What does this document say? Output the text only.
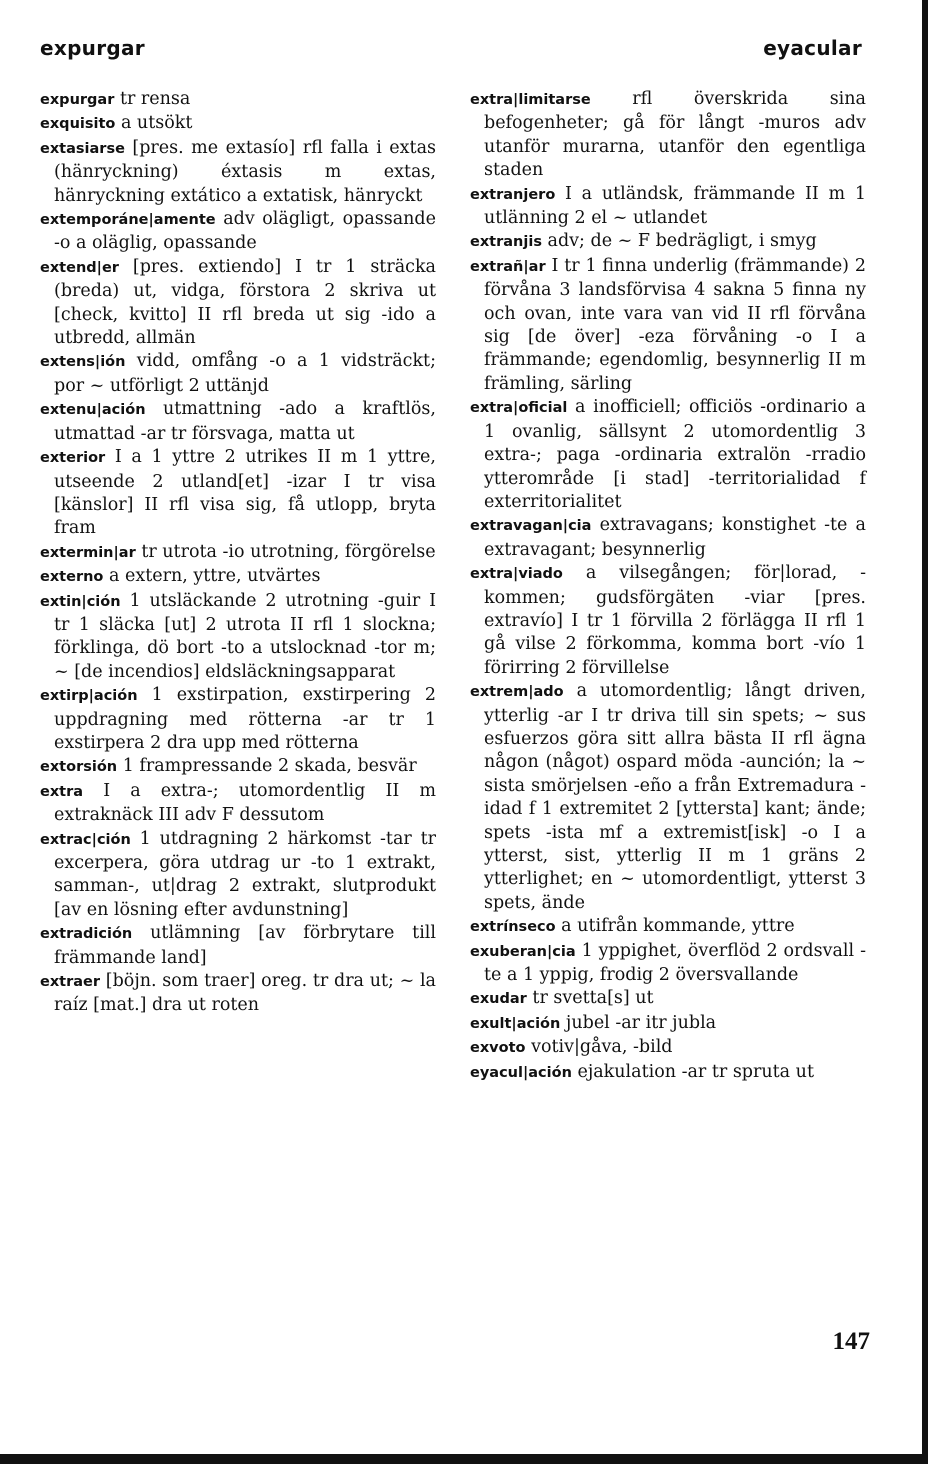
expurgar	eyacular

expurgar tr rensa

exquisito a utsökt

extasiarse [pres. me extasío] rfl falla i extas (hänryckning) éxtasis m extas, hänryckning extático a extatisk, hänryckt

extemporáne|amente adv olägligt, opassande -o a oläglig, opassande

extend|er [pres. extiendo] I tr 1 sträcka (breda) ut, vidga, förstora 2 skriva ut [check, kvitto] II rfl breda ut sig -ido a utbredd, allmän

extens|ión vidd, omfång -o a 1 vidsträckt; por ~ utförligt 2 uttänjd

extenu|ación utmattning -ado a kraftlös, utmattad -ar tr försvaga, matta ut

exterior I a 1 yttre 2 utrikes II m 1 yttre, utseende 2 utland[et] -izar I tr visa [känslor] II rfl visa sig, få utlopp, bryta fram

extermin|ar tr utrota -io utrotning, förgörelse

externo a extern, yttre, utvärtes

extin|ción 1 utsläckande 2 utrotning -guir I tr 1 släcka [ut] 2 utrota II rfl 1 slockna; förklinga, dö bort -to a utslocknad -tor m; ~ [de incendios] eldsläckningsapparat

extirp|ación 1 exstirpation, exstirpering 2 uppdragning med rötterna -ar tr 1 exstirpera 2 dra upp med rötterna

extorsión 1 frampressande 2 skada, besvär

extra I a extra-; utomordentlig II m extraknäck III adv F dessutom

extrac|ción 1 utdragning 2 härkomst -tar tr excerpera, göra utdrag ur -to 1 extrakt, samman-, ut|drag 2 extrakt, slutprodukt [av en lösning efter avdunstning]

extradición utlämning [av förbrytare till främmande land]

extraer [böjn. som traer] oreg. tr dra ut; ~ la raíz [mat.] dra ut roten

extra|limitarse rfl överskrida sina befogenheter; gå för långt -muros adv utanför murarna, utanför den egentliga staden

extranjero I a utländsk, främmande II m 1 utlänning 2 el ~ utlandet

extranjis adv; de ~ F bedrägligt, i smyg

extrañ|ar I tr 1 finna underlig (främmande) 2 förvåna 3 landsförvisa 4 sakna 5 finna ny och ovan, inte vara van vid II rfl förvåna sig [de över] -eza förvåning -o I a främmande; egendomlig, besynnerlig II m främling, särling

extra|oficial a inofficiell; officiös -ordinario a 1 ovanlig, sällsynt 2 utomordentlig 3 extra-; paga -ordinaria extralön -rradio ytterområde [i stad] -territorialidad f exterritorialitet

extravagan|cia extravagans; konstighet -te a extravagant; besynnerlig

extra|viado a vilsegången; för|lorad, -kommen; gudsförgäten -viar [pres. extravío] I tr 1 förvilla 2 förlägga II rfl 1 gå vilse 2 förkomma, komma bort -vío 1 förirring 2 förvillelse

extrem|ado a utomordentlig; långt driven, ytterlig -ar I tr driva till sin spets; ~ sus esfuerzos göra sitt allra bästa II rfl ägna någon (något) ospard möda -aunción; la ~ sista smörjelsen -eño a från Extremadura -idad f 1 extremitet 2 [yttersta] kant; ände; spets -ista mf a extremist[isk] -o I a ytterst, sist, ytterlig II m 1 gräns 2 ytterlighet; en ~ utomordentligt, ytterst 3 spets, ände

extrínseco a utifrån kommande, yttre

exuberan|cia 1 yppighet, överflöd 2 ordsvall -te a 1 yppig, frodig 2 översvallande

exudar tr svetta[s] ut

exult|ación jubel -ar itr jubla

exvoto votiv|gåva, -bild

eyacul|ación ejakulation -ar tr spruta ut

147
